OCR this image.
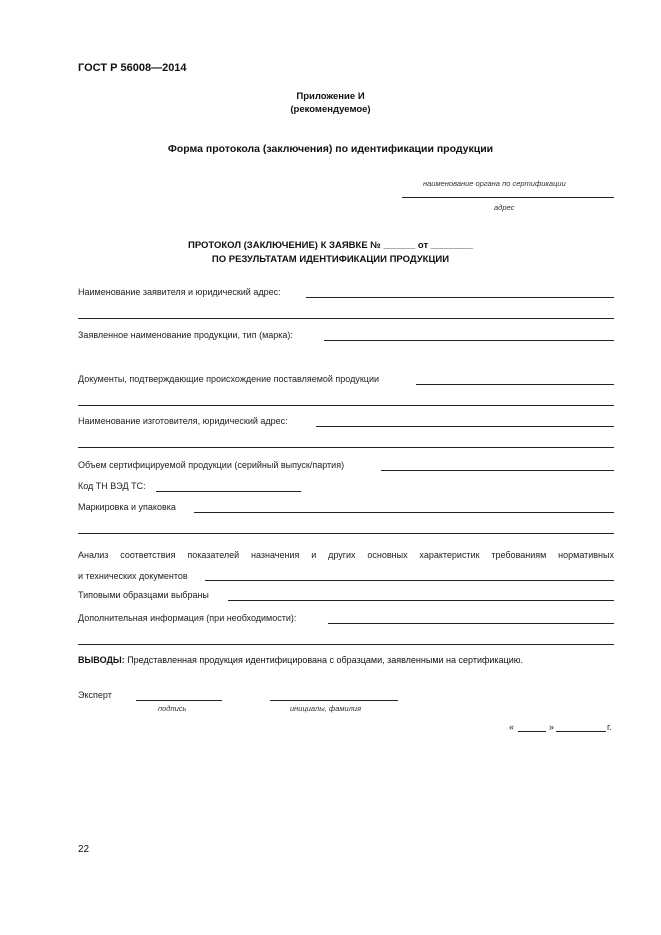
ГОСТ Р 56008—2014
Приложение И
(рекомендуемое)
Форма протокола (заключения) по идентификации продукции
наименование органа по сертификации
адрес
ПРОТОКОЛ (ЗАКЛЮЧЕНИЕ) К ЗАЯВКЕ № ______ от ________
ПО РЕЗУЛЬТАТАМ ИДЕНТИФИКАЦИИ ПРОДУКЦИИ
Наименование заявителя и юридический адрес:
Заявленное наименование продукции, тип (марка):
Документы, подтверждающие происхождение поставляемой продукции
Наименование изготовителя, юридический адрес:
Объем сертифицируемой продукции (серийный выпуск/партия)
Код ТН ВЭД ТС:
Маркировка и упаковка
Анализ соответствия показателей назначения и других основных характеристик требованиям нормативных
и технических документов
Типовыми образцами выбраны
Дополнительная информация (при необходимости):
ВЫВОДЫ: Представленная продукция идентифицирована с образцами, заявленными на сертификацию.
Эксперт
подпись	инициалы, фамилия
«	»	г.
22
